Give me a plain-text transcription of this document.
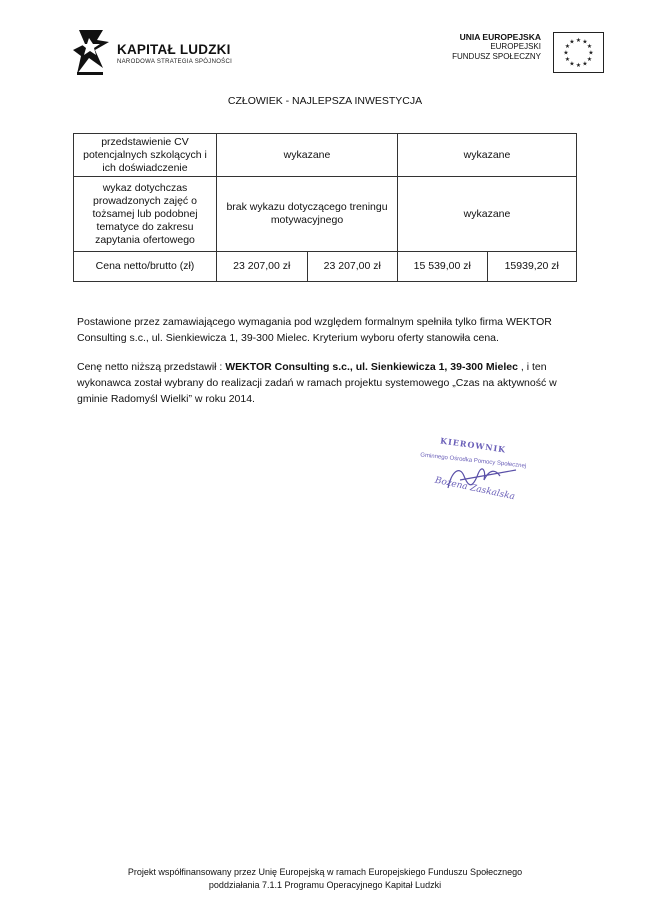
KAPITAŁ LUDZKI
NARODOWA STRATEGIA SPÓJNOŚCI
UNIA EUROPEJSKA
EUROPEJSKI
FUNDUSZ SPOŁECZNY
★ ★
★
★
★
★
★
★
★
★
★
★
CZŁOWIEK - NAJLEPSZA INWESTYCJA
przedstawienie CV potencjalnych szkolących i ich doświadczenie	wykazane		wykazane	
wykaz dotychczas prowadzonych zajęć o tożsamej lub podobnej tematyce do zakresu zapytania ofertowego	brak wykazu dotyczącego treningu motywacyjnego		wykazane	
Cena netto/brutto (zł)	23 207,00 zł	23 207,00 zł	15 539,00 zł	15939,20 zł
Postawione przez zamawiającego wymagania pod względem formalnym spełniła tylko firma WEKTOR Consulting s.c., ul. Sienkiewicza 1, 39-300 Mielec. Kryterium wyboru oferty stanowiła cena.
Cenę netto niższą przedstawił : WEKTOR Consulting s.c., ul. Sienkiewicza 1, 39-300 Mielec , i ten wykonawca został wybrany do realizacji zadań w ramach projektu systemowego „Czas na aktywność w gminie Radomyśl Wielki” w roku 2014.
KIEROWNIK
Gminnego Ośrodka Pomocy Społecznej
Bożena Zaskalska
Projekt współfinansowany przez Unię Europejską w ramach Europejskiego Funduszu Społecznego
poddziałania 7.1.1 Programu Operacyjnego Kapitał Ludzki
